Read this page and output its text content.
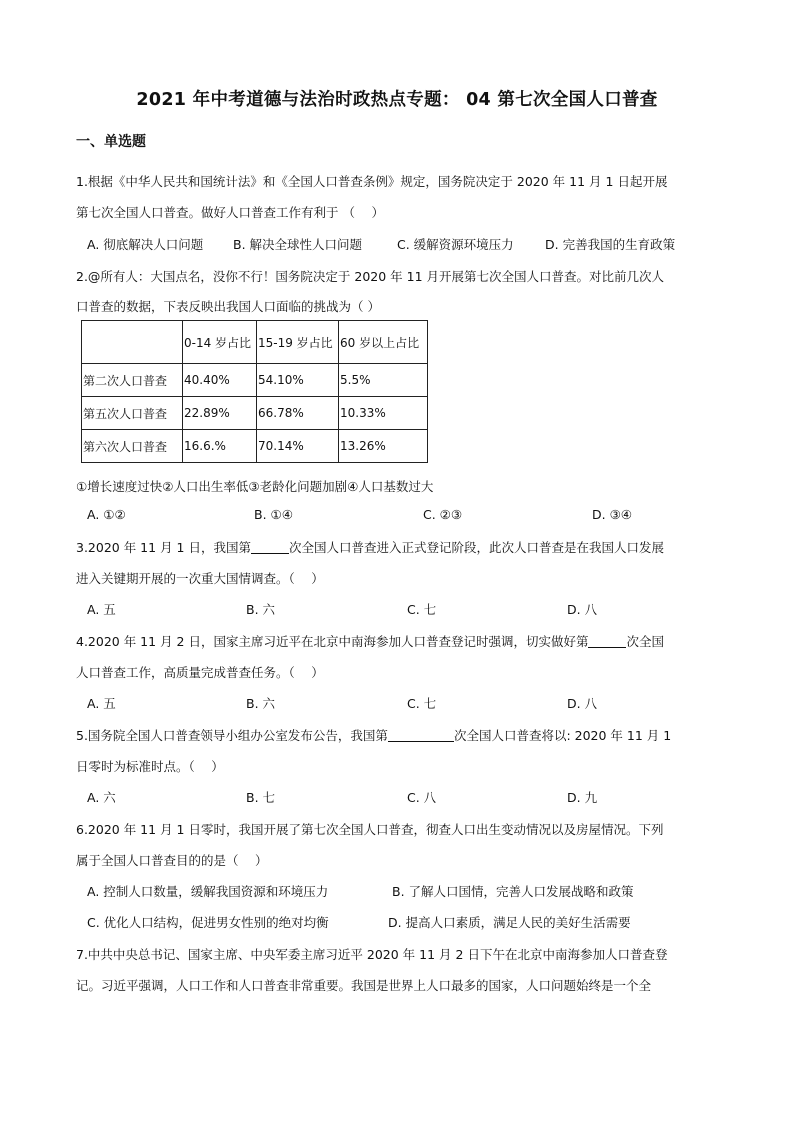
2021 年中考道德与法治时政热点专题： 04 第七次全国人口普查
一、单选题
1.根据《中华人民共和国统计法》和《全国人口普查条例》规定，国务院决定于 2020 年 11 月 1 日起开展
第七次全国人口普查。做好人口普查工作有利于 （　 ）
A. 彻底解决人口问题 B. 解决全球性人口问题	C. 缓解资源环境压力	D. 完善我国的生育政策
2.@所有人：大国点名，没你不行！国务院决定于 2020 年 11 月开展第七次全国人口普查。对比前几次人
口普查的数据，下表反映出我国人口面临的挑战为（ ）
	0-14 岁占比	15-19 岁占比	60 岁以上占比
第二次人口普查	40.40%	54.10%	5.5%
第五次人口普查	22.89%	66.78%	10.33%
第六次人口普查	16.6.%	70.14%	13.26%
①增长速度过快②人口出生率低③老龄化问题加剧④人口基数过大
A. ①②	B. ①④	C. ②③	D. ③④
3.2020 年 11 月 1 日，我国第	次全国人口普查进入正式登记阶段，此次人口普查是在我国人口发展
进入关键期开展的一次重大国情调查。（　 ）
A. 五	B. 六	C. 七	D. 八
4.2020 年 11 月 2 日，国家主席习近平在北京中南海参加人口普查登记时强调，切实做好第	次全国
人口普查工作，高质量完成普查任务。（　 ）
A. 五	B. 六	C. 七	D. 八
5.国务院全国人口普查领导小组办公室发布公告，我国第	次全国人口普查将以: 2020 年 11 月 1
日零时为标准时点。（　 ）
A. 六	B. 七	C. 八	D. 九
6.2020 年 11 月 1 日零时，我国开展了第七次全国人口普查，彻查人口出生变动情况以及房屋情况。下列
属于全国人口普查目的的是（　 ）
A. 控制人口数量，缓解我国资源和环境压力	B. 了解人口国情，完善人口发展战略和政策
C. 优化人口结构，促进男女性别的绝对均衡	D. 提高人口素质，满足人民的美好生活需要
7.中共中央总书记、国家主席、中央军委主席习近平 2020 年 11 月 2 日下午在北京中南海参加人口普查登
记。习近平强调，人口工作和人口普查非常重要。我国是世界上人口最多的国家，人口问题始终是一个全
